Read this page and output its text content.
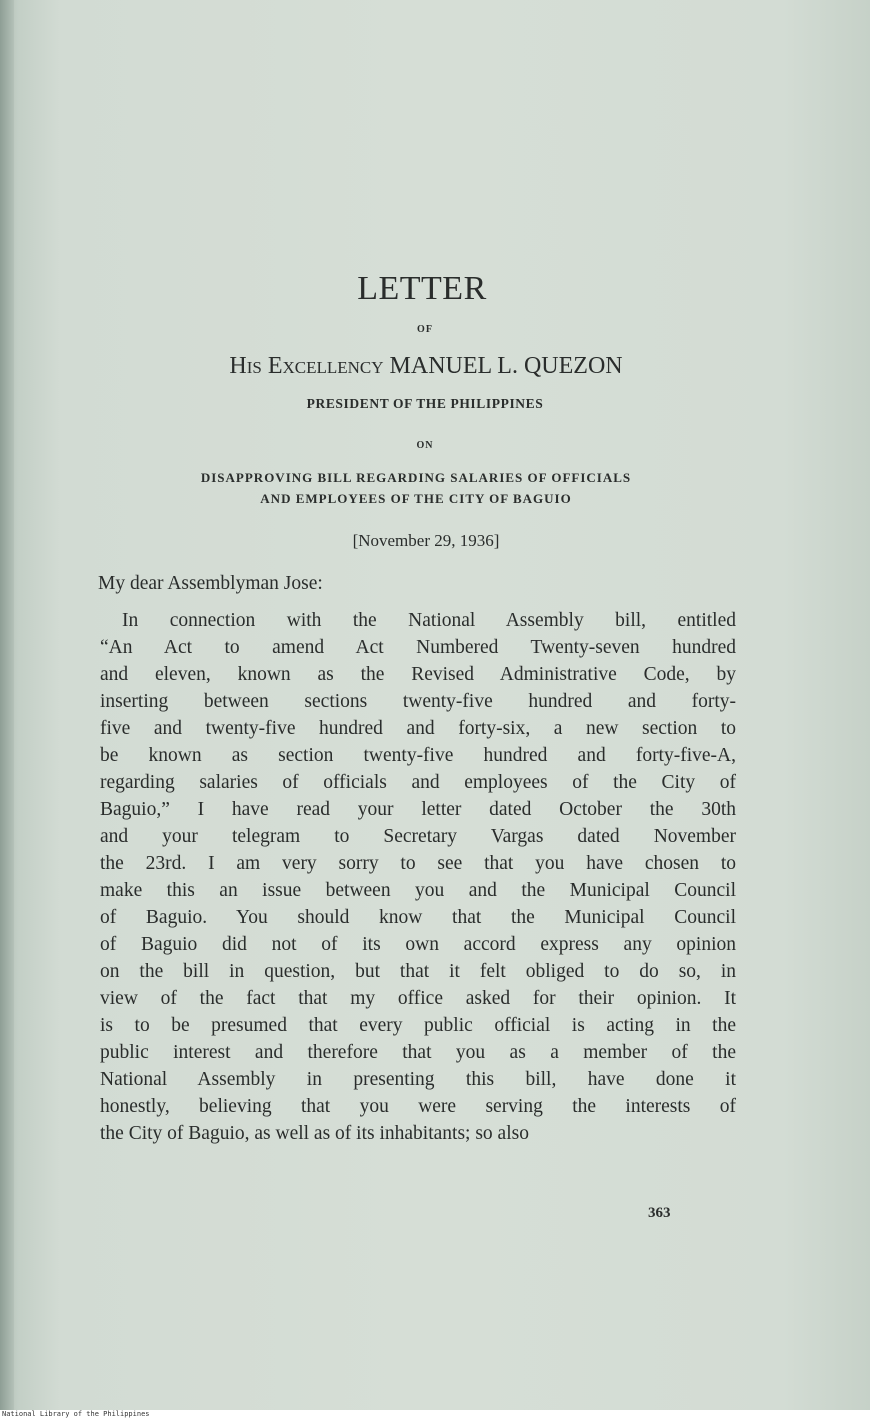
LETTER
OF
His Excellency MANUEL L. QUEZON
PRESIDENT OF THE PHILIPPINES
ON
DISAPPROVING BILL REGARDING SALARIES OF OFFICIALS
AND EMPLOYEES OF THE CITY OF BAGUIO
[November 29, 1936]
My dear Assemblyman Jose:
In connection with the National Assembly bill, entitled
“An Act to amend Act Numbered Twenty-seven hundred
and eleven, known as the Revised Administrative Code, by
inserting between sections twenty-five hundred and forty-
five and twenty-five hundred and forty-six, a new section to
be known as section twenty-five hundred and forty-five-A,
regarding salaries of officials and employees of the City of
Baguio,” I have read your letter dated October the 30th
and your telegram to Secretary Vargas dated November
the 23rd. I am very sorry to see that you have chosen to
make this an issue between you and the Municipal Council
of Baguio. You should know that the Municipal Council
of Baguio did not of its own accord express any opinion
on the bill in question, but that it felt obliged to do so, in
view of the fact that my office asked for their opinion. It
is to be presumed that every public official is acting in the
public interest and therefore that you as a member of the
National Assembly in presenting this bill, have done it
honestly, believing that you were serving the interests of
the City of Baguio, as well as of its inhabitants; so also
363
National Library of the Philippines
